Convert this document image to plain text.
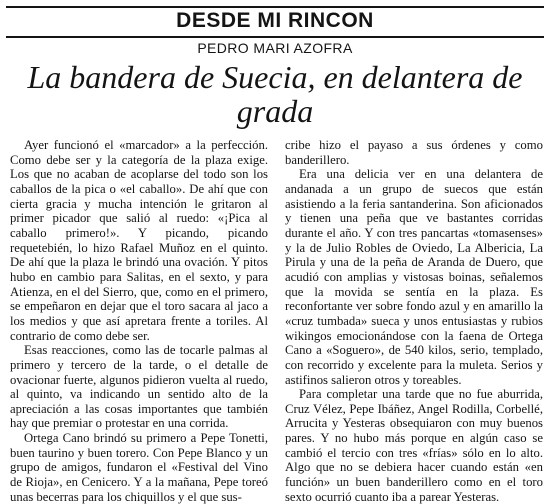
DESDE MI RINCON
PEDRO MARI AZOFRA
La bandera de Suecia, en delantera de grada

Ayer funcionó el «marcador» a la perfección. Como debe ser y la categoría de la plaza exige. Los que no acaban de acoplarse del todo son los caballos de la pica o «el caballo». De ahí que con cierta gracia y mucha intención le gritaron al primer picador que salió al ruedo: «¡Pica al caballo primero!». Y picando, picando requetebién, lo hizo Rafael Muñoz en el quinto. De ahí que la plaza le brindó una ovación. Y pitos hubo en cambio para Salitas, en el sexto, y para Atienza, en el del Sierro, que, como en el primero, se empeñaron en dejar que el toro sacara al jaco a los medios y que así apretara frente a toriles. Al contrario de como debe ser.

Esas reacciones, como las de tocarle palmas al primero y tercero de la tarde, o el detalle de ovacionar fuerte, algunos pidieron vuelta al ruedo, al quinto, va indicando un sentido alto de la apreciación a las cosas importantes que también hay que premiar o protestar en una corrida.

Ortega Cano brindó su primero a Pepe Tonetti, buen taurino y buen torero. Con Pepe Blanco y un grupo de amigos, fundaron el «Festival del Vino de Rioja», en Cenicero. Y a la mañana, Pepe toreó unas becerras para los chiquillos y el que sus-

cribe hizo el payaso a sus órdenes y como banderillero.

Era una delicia ver en una delantera de andanada a un grupo de suecos que están asistiendo a la feria santanderina. Son aficionados y tienen una peña que ve bastantes corridas durante el año. Y con tres pancartas «tomasenses» y la de Julio Robles de Oviedo, La Albericia, La Pirula y una de la peña de Aranda de Duero, que acudió con amplias y vistosas boinas, señalemos que la movida se sentía en la plaza. Es reconfortante ver sobre fondo azul y en amarillo la «cruz tumbada» sueca y unos entusiastas y rubios wikingos emocionándose con la faena de Ortega Cano a «Soguero», de 540 kilos, serio, templado, con recorrido y excelente para la muleta. Serios y astifinos salieron otros y toreables.

Para completar una tarde que no fue aburrida, Cruz Vélez, Pepe Ibáñez, Angel Rodilla, Corbellé, Arrucita y Yesteras obsequiaron con muy buenos pares. Y no hubo más porque en algún caso se cambió el tercio con tres «frías» sólo en lo alto. Algo que no se debiera hacer cuando están «en función» un buen banderillero como en el toro sexto ocurrió cuanto iba a parear Yesteras.
